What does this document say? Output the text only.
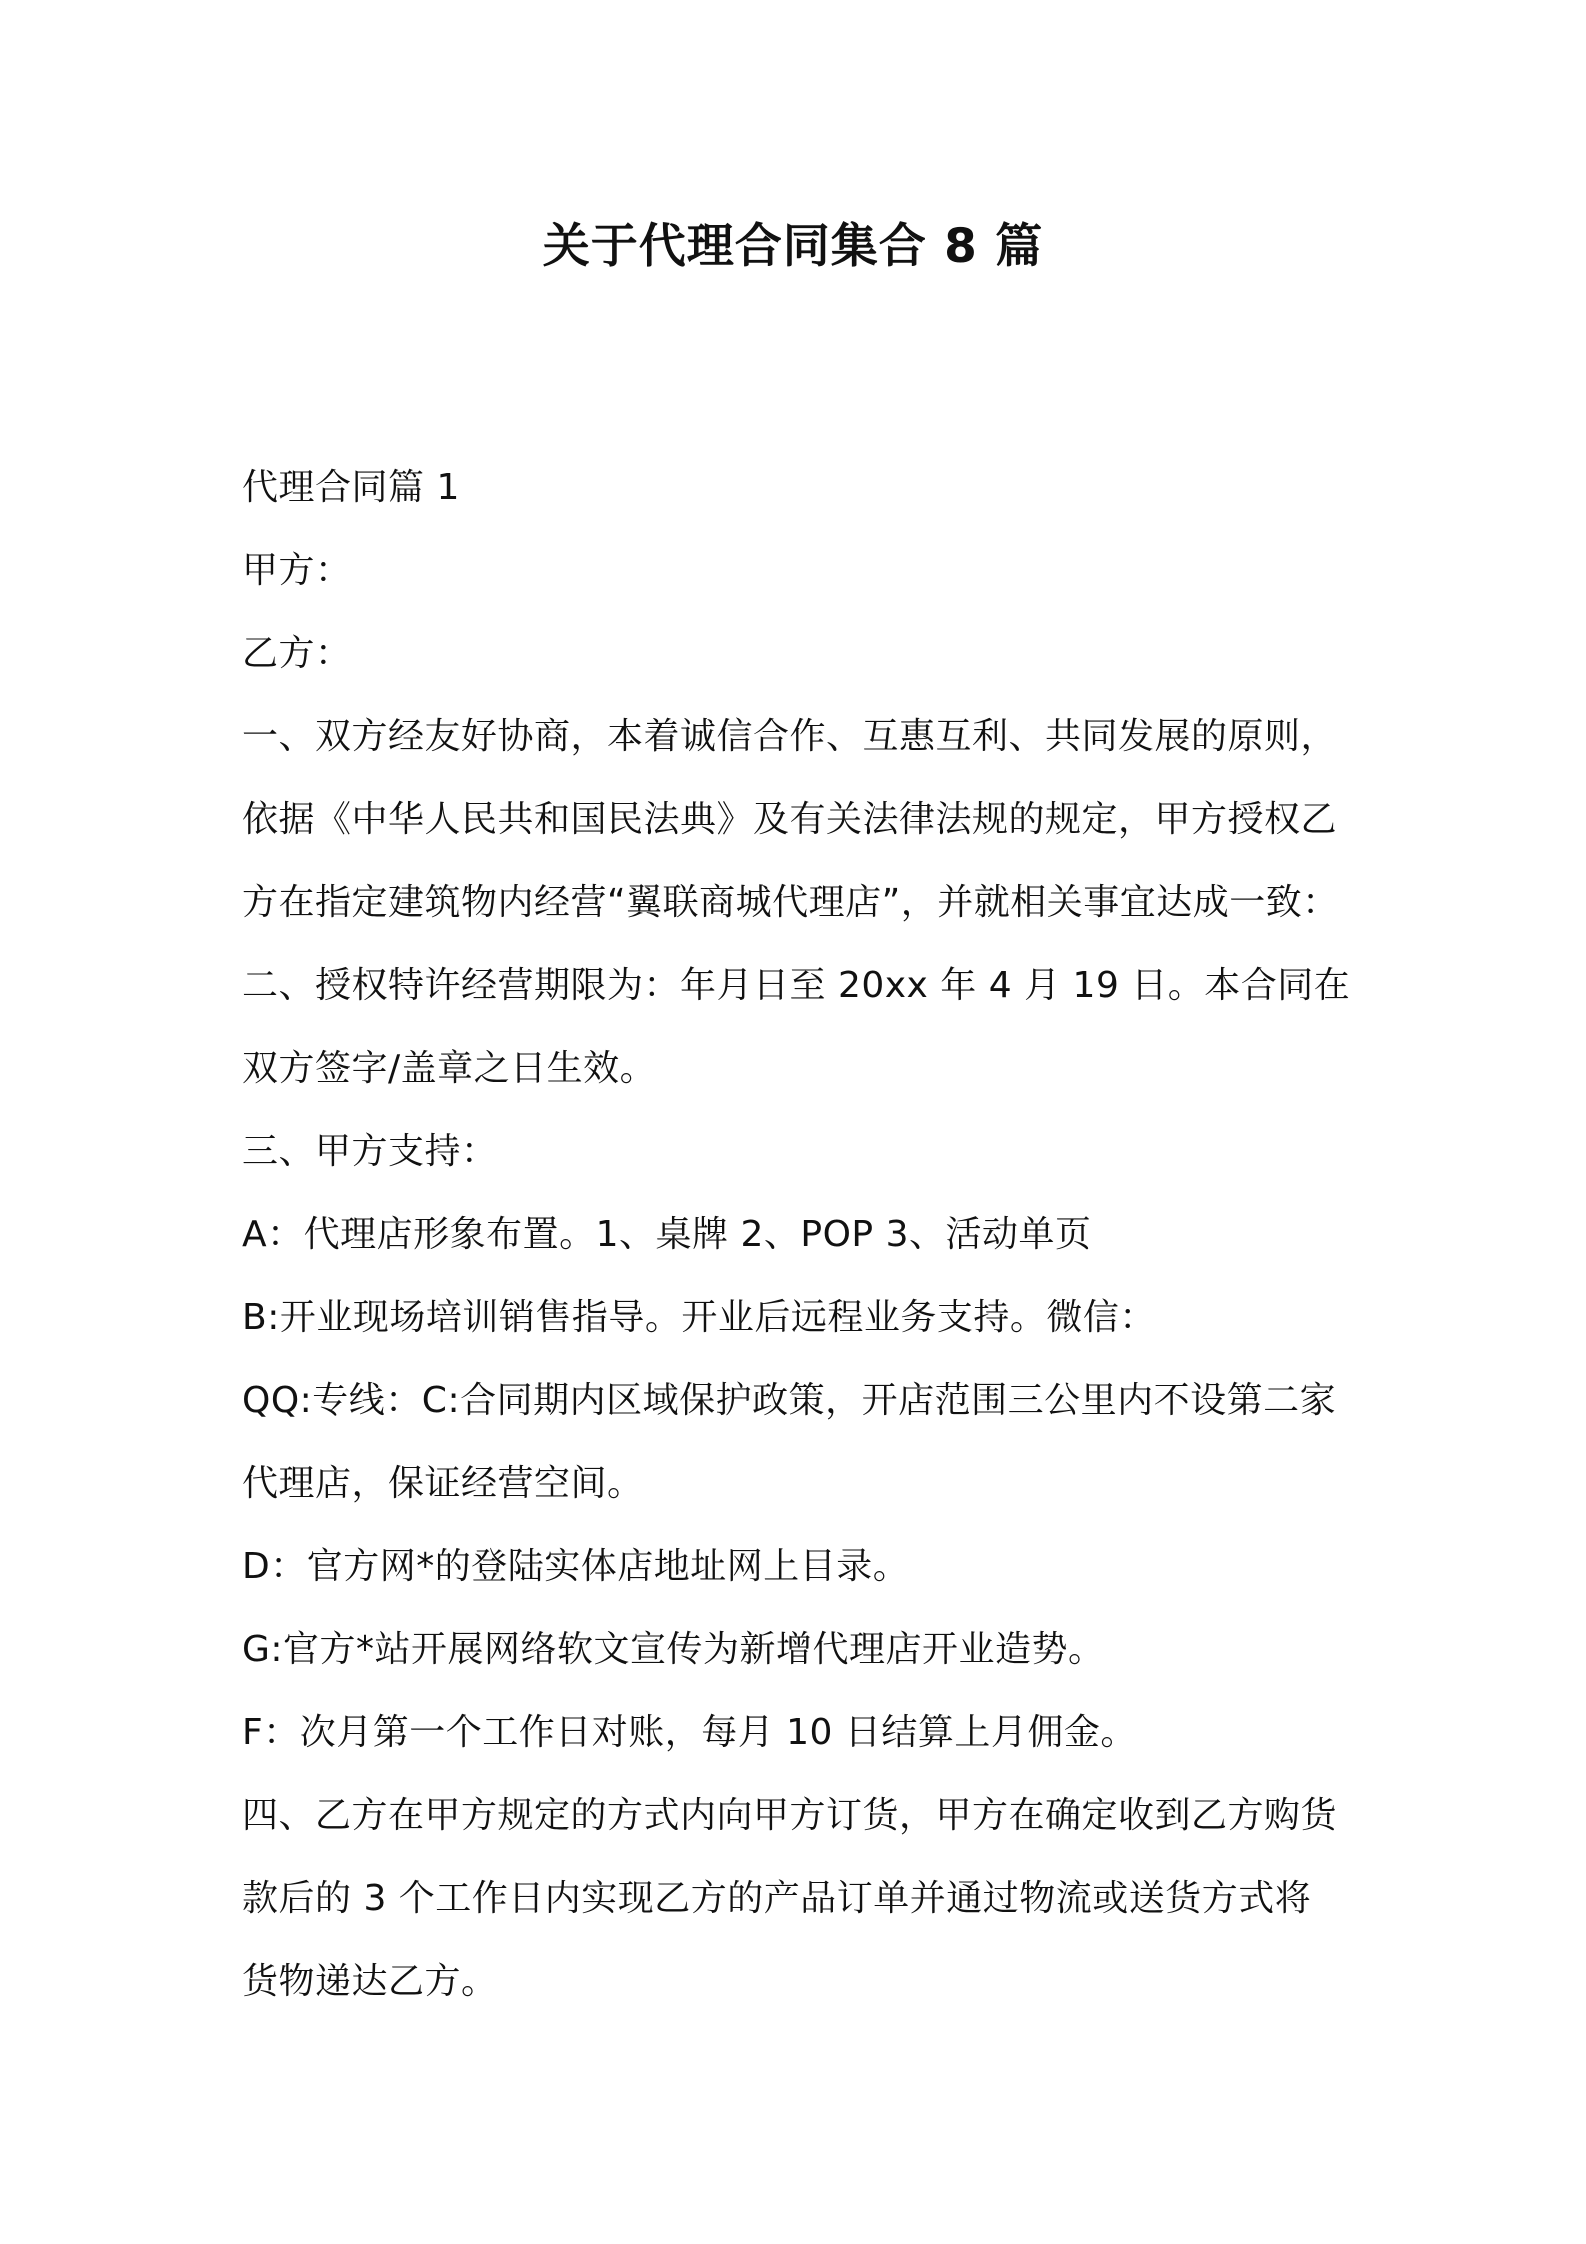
关于代理合同集合 8 篇
代理合同篇 1
甲方：
乙方：
一、双方经友好协商，本着诚信合作、互惠互利、共同发展的原则，
依据《中华人民共和国民法典》及有关法律法规的规定，甲方授权乙
方在指定建筑物内经营“翼联商城代理店”，并就相关事宜达成一致：
二、授权特许经营期限为：年月日至 20xx 年 4 月 19 日。本合同在
双方签字/盖章之日生效。
三、甲方支持：
A：代理店形象布置。1、桌牌 2、POP 3、活动单页
B:开业现场培训销售指导。开业后远程业务支持。微信：
QQ:专线：C:合同期内区域保护政策，开店范围三公里内不设第二家
代理店，保证经营空间。
D：官方网*的登陆实体店地址网上目录。
G:官方*站开展网络软文宣传为新增代理店开业造势。
F：次月第一个工作日对账，每月 10 日结算上月佣金。
四、乙方在甲方规定的方式内向甲方订货，甲方在确定收到乙方购货
款后的 3 个工作日内实现乙方的产品订单并通过物流或送货方式将
货物递达乙方。
